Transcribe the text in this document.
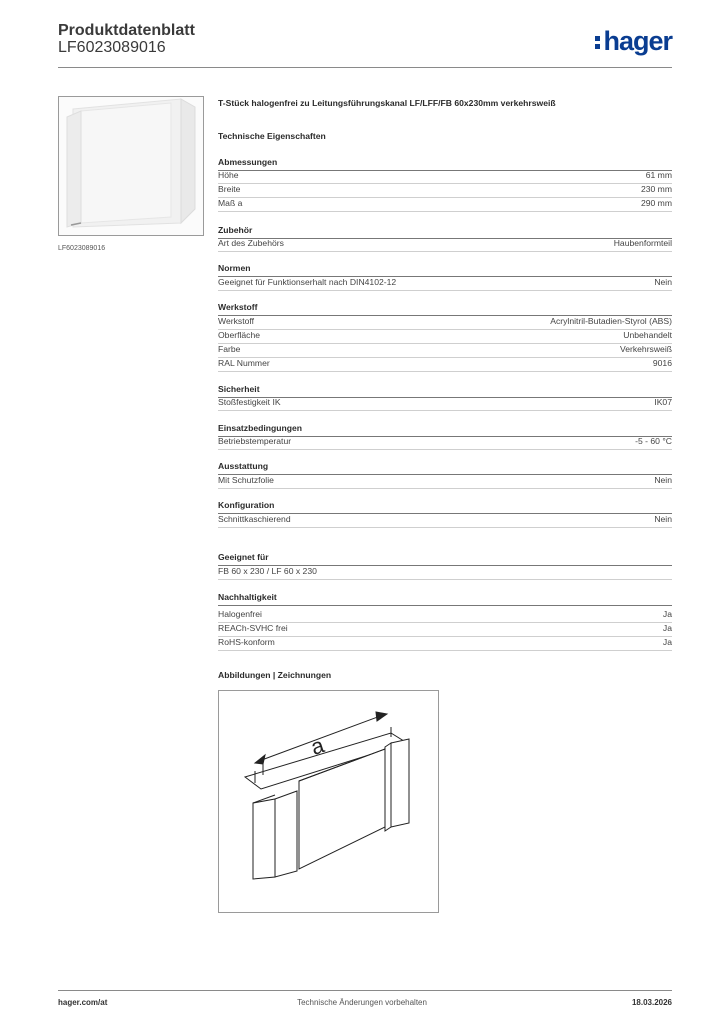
Produktdatenblatt
LF6023089016	hager
LF6023089016
T-Stück halogenfrei zu Leitungsführungskanal LF/LFF/FB 60x230mm verkehrsweiß
Technische Eigenschaften
Abmessungen
Höhe	61 mm
Breite	230 mm
Maß a	290 mm
Zubehör
Art des Zubehörs	Haubenformteil
Normen
Geeignet für Funktionserhalt nach DIN4102-12	Nein
Werkstoff
Werkstoff	Acrylnitril-Butadien-Styrol (ABS)
Oberfläche	Unbehandelt
Farbe	Verkehrsweiß
RAL Nummer	9016
Sicherheit
Stoßfestigkeit IK	IK07
Einsatzbedingungen
Betriebstemperatur	-5 - 60 °C
Ausstattung
Mit Schutzfolie	Nein
Konfiguration
Schnittkaschierend	Nein
Geeignet für
FB 60 x 230 / LF 60 x 230
Nachhaltigkeit
Halogenfrei	Ja
REACh-SVHC frei	Ja
RoHS-konform	Ja
Abbildungen | Zeichnungen
a
hager.com/at	Technische Änderungen vorbehalten	18.03.2026
